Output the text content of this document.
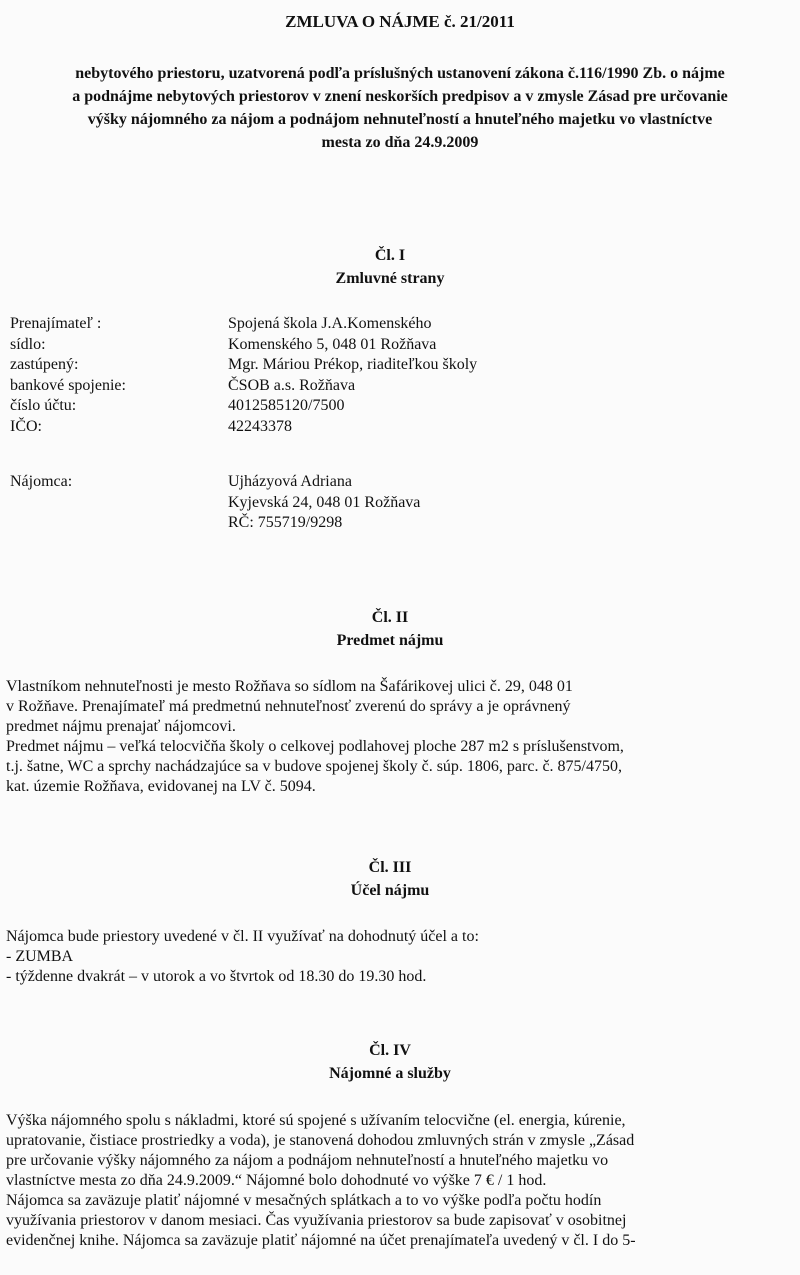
ZMLUVA O NÁJME č. 21/2011
nebytového priestoru, uzatvorená podľa príslušných ustanovení zákona č.116/1990 Zb. o nájme
a podnájme nebytových priestorov v znení neskorších predpisov a v zmysle Zásad pre určovanie
výšky nájomného za nájom a podnájom nehnuteľností a hnuteľného majetku vo vlastníctve
mesta zo dňa 24.9.2009
Čl. I
Zmluvné strany
Prenajímateľ :	Spojená škola J.A.Komenského
sídlo:	Komenského 5, 048 01 Rožňava
zastúpený:	Mgr. Máriou Prékop, riaditeľkou školy
bankové spojenie:	ČSOB a.s. Rožňava
číslo účtu:	4012585120/7500
IČO:	42243378
Nájomca:	Ujházyová Adriana
Kyjevská 24, 048 01 Rožňava
RČ: 755719/9298
Čl. II
Predmet nájmu
Vlastníkom nehnuteľnosti je mesto Rožňava so sídlom na Šafárikovej ulici č. 29, 048 01
v Rožňave. Prenajímateľ má predmetnú nehnuteľnosť zverenú do správy a je oprávnený
predmet nájmu prenajať nájomcovi.
Predmet nájmu – veľká telocvičňa školy o celkovej podlahovej ploche 287 m2 s príslušenstvom,
t.j. šatne, WC a sprchy nachádzajúce sa v budove spojenej školy č. súp. 1806, parc. č. 875/4750,
kat. územie Rožňava, evidovanej na LV č. 5094.
Čl. III
Účel nájmu
Nájomca bude priestory uvedené v čl. II využívať na dohodnutý účel a to:
- ZUMBA
- týždenne dvakrát – v utorok a vo štvrtok od 18.30 do 19.30 hod.
Čl. IV
Nájomné a služby
Výška nájomného spolu s nákladmi, ktoré sú spojené s užívaním telocvične (el. energia, kúrenie,
upratovanie, čistiace prostriedky a voda), je stanovená dohodou zmluvných strán v zmysle „Zásad
pre určovanie výšky nájomného za nájom a podnájom nehnuteľností a hnuteľného majetku vo
vlastníctve mesta zo dňa 24.9.2009.“ Nájomné bolo dohodnuté vo výške 7 € / 1 hod.
Nájomca sa zaväzuje platiť nájomné v mesačných splátkach a to vo výške podľa počtu hodín
využívania priestorov v danom mesiaci. Čas využívania priestorov sa bude zapisovať v osobitnej
evidenčnej knihe. Nájomca sa zaväzuje platiť nájomné na účet prenajímateľa uvedený v čl. I do 5-
